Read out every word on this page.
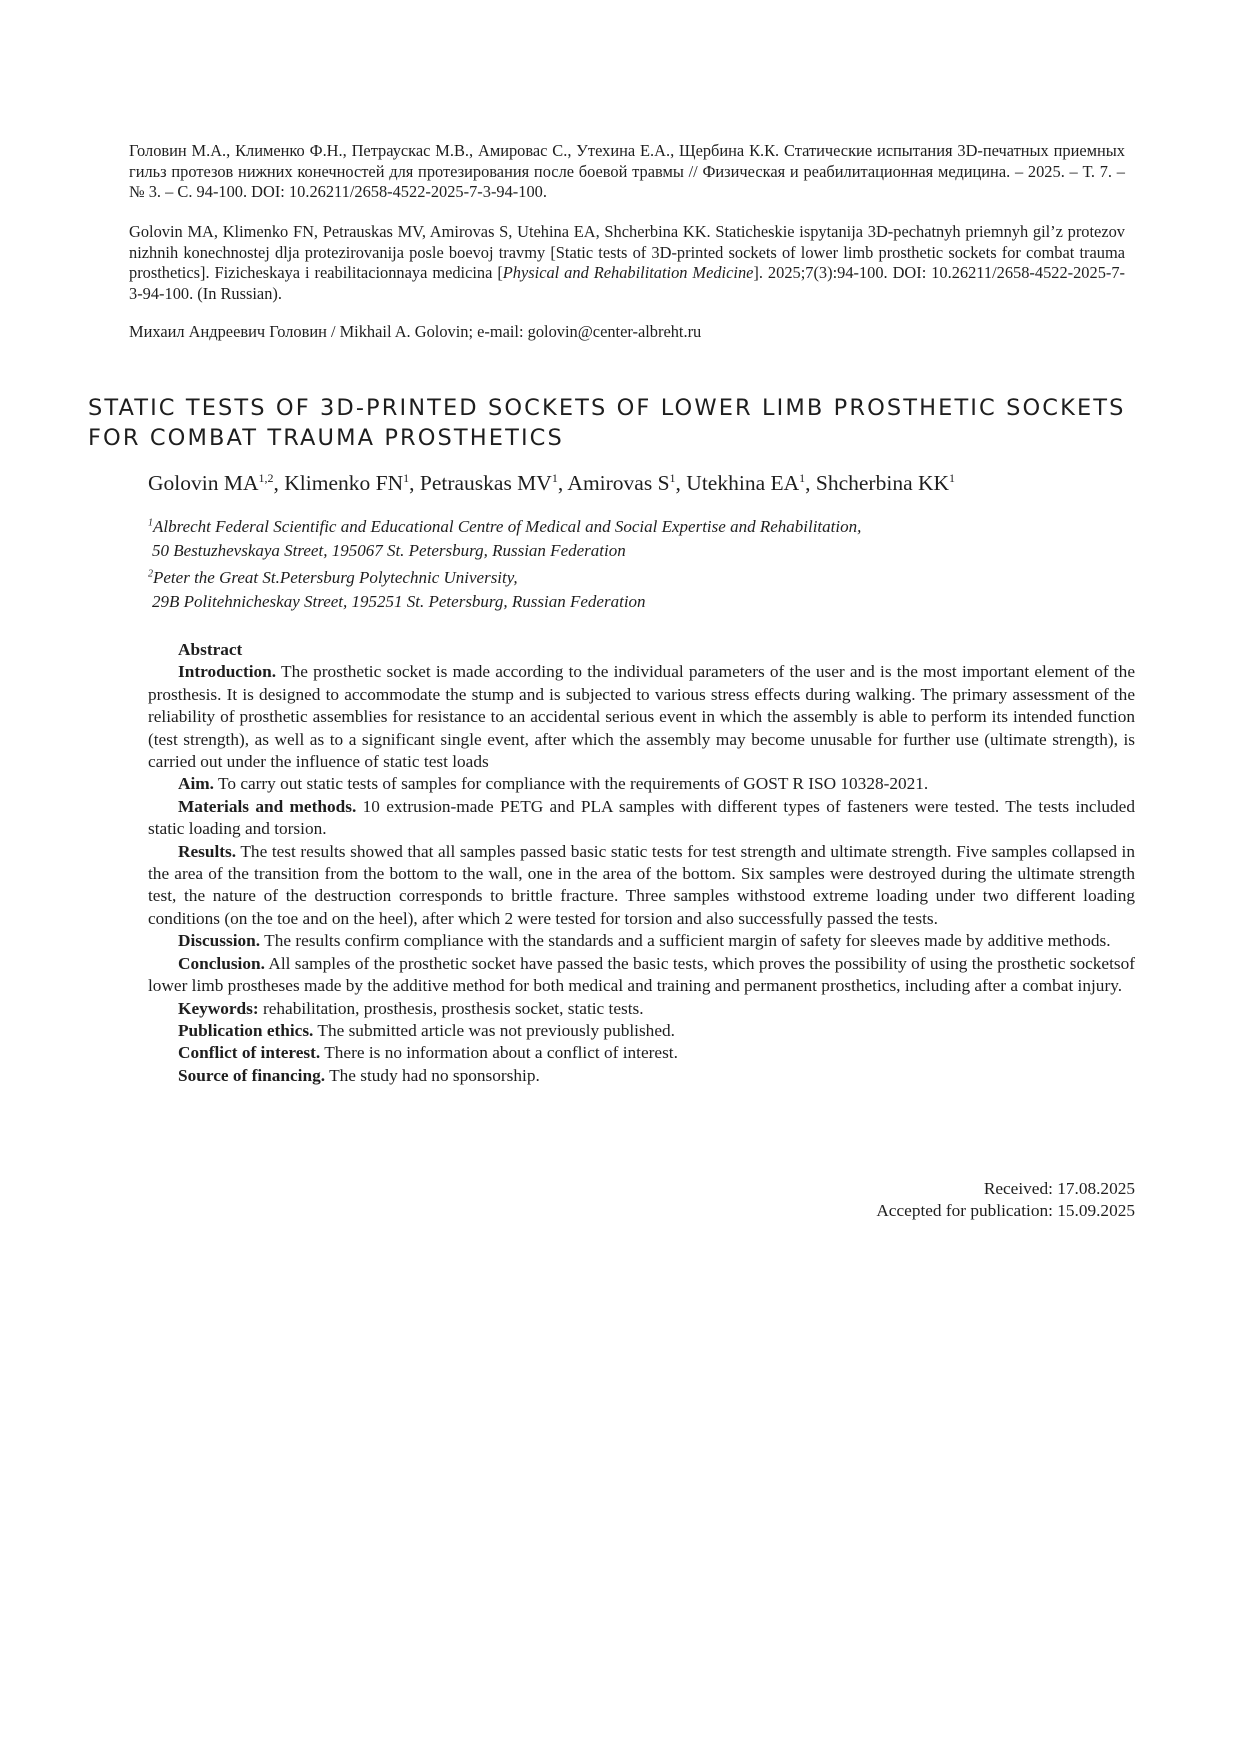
Головин М.А., Клименко Ф.Н., Петраускас М.В., Амировас С., Утехина Е.А., Щербина К.К. Статические испытания 3D-печатных приемных гильз протезов нижних конечностей для протезирования после боевой травмы // Физическая и реабилитационная медицина. – 2025. – Т. 7. – № 3. – С. 94-100. DOI: 10.26211/2658-4522-2025-7-3-94-100.
Golovin MA, Klimenko FN, Petrauskas MV, Amirovas S, Utehina EA, Shcherbina KK. Staticheskie ispytanija 3D-pechatnyh priemnyh gil’z protezov nizhnih konechnostej dlja protezirovanija posle boevoj travmy [Static tests of 3D-printed sockets of lower limb prosthetic sockets for combat trauma prosthetics]. Fizicheskaya i reabilitacionnaya medicina [Physical and Rehabilitation Medicine]. 2025;7(3):94-100. DOI: 10.26211/2658-4522-2025-7-3-94-100. (In Russian).
Михаил Андреевич Головин / Mikhail A. Golovin; e-mail: golovin@center-albreht.ru
STATIC TESTS OF 3D-PRINTED SOCKETS OF LOWER LIMB PROSTHETIC SOCKETS
FOR COMBAT TRAUMA PROSTHETICS
Golovin MA$^{1,2}$, Klimenko $FN^1$, Petrauskas $MV^1$, Amirovas $S^1$, Utekhina $EA^1$, Shcherbina $KK^1$
$^1$Albrecht Federal Scientific and Educational Centre of Medical and Social Expertise and Rehabilitation,
50 Bestuzhevskaya Street, 195067 St. Petersburg, Russian Federation
$^2$Peter the Great St.Petersburg Polytechnic University,
29B Politehnicheskay Street, 195251 St. Petersburg, Russian Federation

Abstract

Introduction. The prosthetic socket is made according to the individual parameters of the user and is the most important element of the prosthesis. It is designed to accommodate the stump and is subjected to various stress effects during walking. The primary assessment of the reliability of prosthetic assemblies for resistance to an accidental serious event in which the assembly is able to perform its intended function (test strength), as well as to a significant single event, after which the assembly may become unusable for further use (ultimate strength), is carried out under the influence of static test loads

Aim. To carry out static tests of samples for compliance with the requirements of GOST R ISO 10328-2021.

Materials and methods. 10 extrusion-made PETG and PLA samples with different types of fasteners were tested. The tests included static loading and torsion.

Results. The test results showed that all samples passed basic static tests for test strength and ultimate strength. Five samples collapsed in the area of the transition from the bottom to the wall, one in the area of the bottom. Six samples were destroyed during the ultimate strength test, the nature of the destruction corresponds to brittle fracture. Three samples withstood extreme loading under two different loading conditions (on the toe and on the heel), after which 2 were tested for torsion and also successfully passed the tests.

Discussion. The results confirm compliance with the standards and a sufficient margin of safety for sleeves made by additive methods.

Conclusion. All samples of the prosthetic socket have passed the basic tests, which proves the possibility of using the prosthetic socketsof lower limb prostheses made by the additive method for both medical and training and permanent prosthetics, including after a combat injury.

Keywords: rehabilitation, prosthesis, prosthesis socket, static tests.

Publication ethics. The submitted article was not previously published.

Conflict of interest. There is no information about a conflict of interest.

Source of financing. The study had no sponsorship.

Received: 17.08.2025
Accepted for publication: 15.09.2025
